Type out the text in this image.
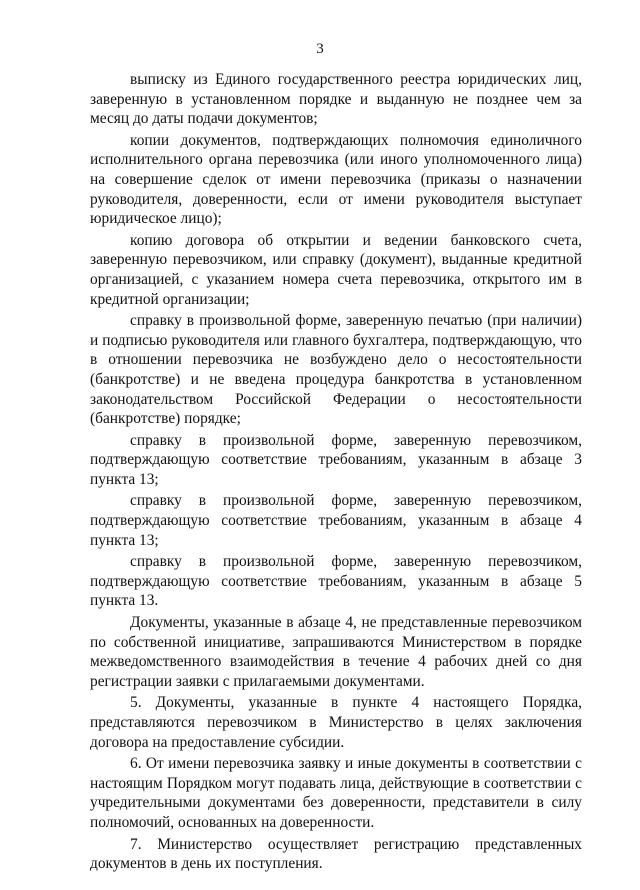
3

выписку из Единого государственного реестра юридических лиц, заверенную в установленном порядке и выданную не позднее чем за месяц до даты подачи документов;

копии документов, подтверждающих полномочия единоличного исполнительного органа перевозчика (или иного уполномоченного лица) на совершение сделок от имени перевозчика (приказы о назначении руководителя, доверенности, если от имени руководителя выступает юридическое лицо);

копию договора об открытии и ведении банковского счета, заверенную перевозчиком, или справку (документ), выданные кредитной организацией, с указанием номера счета перевозчика, открытого им в кредитной организации;

справку в произвольной форме, заверенную печатью (при наличии) и подписью руководителя или главного бухгалтера, подтверждающую, что в отношении перевозчика не возбуждено дело о несостоятельности (банкротстве) и не введена процедура банкротства в установленном законодательством Российской Федерации о несостоятельности (банкротстве) порядке;

справку в произвольной форме, заверенную перевозчиком, подтверждающую соответствие требованиям, указанным в абзаце 3 пункта 13;

справку в произвольной форме, заверенную перевозчиком, подтверждающую соответствие требованиям, указанным в абзаце 4 пункта 13;

справку в произвольной форме, заверенную перевозчиком, подтверждающую соответствие требованиям, указанным в абзаце 5 пункта 13.

Документы, указанные в абзаце 4, не представленные перевозчиком по собственной инициативе, запрашиваются Министерством в порядке межведомственного взаимодействия в течение 4 рабочих дней со дня регистрации заявки с прилагаемыми документами.

5. Документы, указанные в пункте 4 настоящего Порядка, представляются перевозчиком в Министерство в целях заключения договора на предоставление субсидии.

6. От имени перевозчика заявку и иные документы в соответствии с настоящим Порядком могут подавать лица, действующие в соответствии с учредительными документами без доверенности, представители в силу полномочий, основанных на доверенности.

7. Министерство осуществляет регистрацию представленных документов в день их поступления.
